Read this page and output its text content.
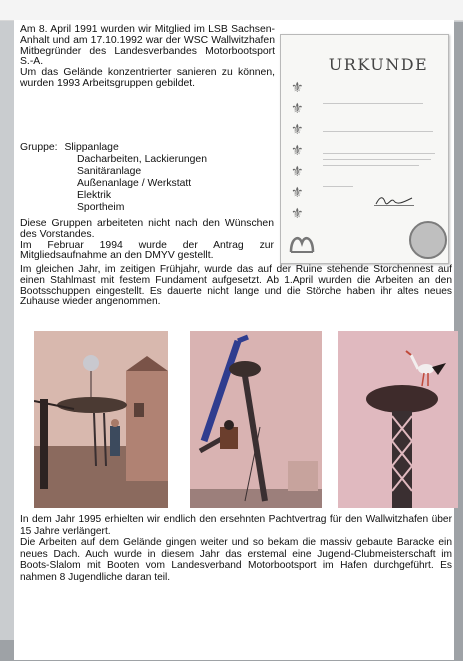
Am 8. April 1991 wurden wir Mitglied im LSB Sachsen-Anhalt und am 17.10.1992 war der WSC Wallwitzhafen Mitbegründer des Landesverbandes Motorbootsport S.-A.

Um das Gelände konzentrierter sanieren zu können, wurden 1993 Arbeitsgruppen gebildet.

Gruppe: Slippanlage
Dacharbeiten, Lackierungen
Sanitäranlage
Außenanlage / Werkstatt
Elektrik
Sportheim
Diese Gruppen arbeiteten nicht nach den Wünschen des Vorstandes.
Im Februar 1994 wurde der Antrag zur Mitgliedsaufnahme an den DMYV gestellt.
URKUNDE
⚜
⚜
⚜
⚜
⚜
⚜
⚜
Im gleichen Jahr, im zeitigen Frühjahr, wurde das auf der Ruine stehende Storchennest auf einen Stahlmast mit festem Fundament aufgesetzt. Ab 1.April wurden die Arbeiten an den Bootsschuppen eingestellt. Es dauerte nicht lange und die Störche haben ihr altes neues Zuhause wieder angenommen.
In dem Jahr 1995 erhielten wir endlich den ersehnten Pachtvertrag für den Wallwitzhafen über 15 Jahre verlängert.
Die Arbeiten auf dem Gelände gingen weiter und so bekam die massiv gebaute Baracke ein neues Dach. Auch wurde in diesem Jahr das erstemal eine Jugend-Clubmeisterschaft im Boots-Slalom mit Booten vom Landesverband Motorbootsport im Hafen durchgeführt. Es nahmen 8 Jugendliche daran teil.
